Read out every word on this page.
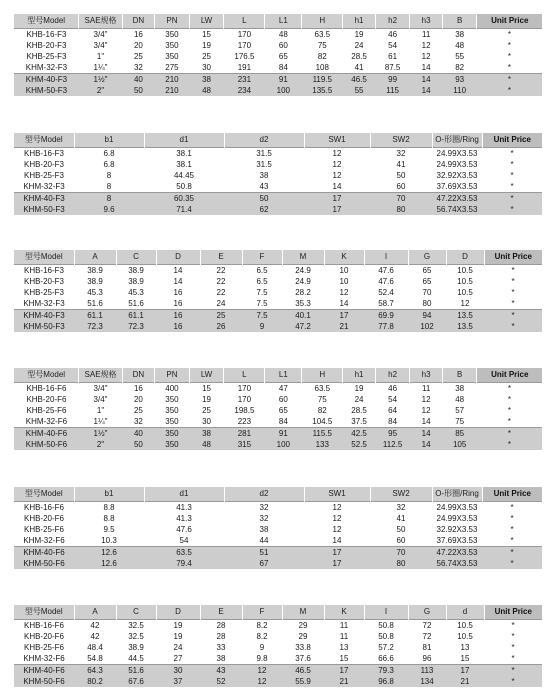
型号Model	SAE规格	DN	PN	LW	L	L1	H	h1	h2	h3	B	Unit Price
KHB-16-F3	3/4"	16	350	15	170	48	63.5	19	46	11	38	*
KHB-20-F3	3/4"	20	350	19	170	60	75	24	54	12	48	*
KHB-25-F3	1"	25	350	25	176.5	65	82	28.5	61	12	55	*
KHM-32-F3	1¼"	32	275	30	191	84	108	41	87.5	14	82	*
KHM-40-F3	1½"	40	210	38	231	91	119.5	46.5	99	14	93	*
KHM-50-F3	2"	50	210	48	234	100	135.5	55	115	14	110	*
型号Model	b1	d1	d2	SW1	SW2	O-形圈/Ring	Unit Price
KHB-16-F3	6.8	38.1	31.5	12	32	24.99X3.53	*
KHB-20-F3	6.8	38.1	31.5	12	41	24.99X3.53	*
KHB-25-F3	8	44.45	38	12	50	32.92X3.53	*
KHM-32-F3	8	50.8	43	14	60	37.69X3.53	*
KHM-40-F3	8	60.35	50	17	70	47.22X3.53	*
KHM-50-F3	9.6	71.4	62	17	80	56.74X3.53	*
型号Model	A	C	D	E	F	M	K	I	G	D	Unit Price
KHB-16-F3	38.9	38.9	14	22	6.5	24.9	10	47.6	65	10.5	*
KHB-20-F3	38.9	38.9	14	22	6.5	24.9	10	47.6	65	10.5	*
KHB-25-F3	45.3	45.3	16	22	7.5	28.2	12	52.4	70	10.5	*
KHM-32-F3	51.6	51.6	16	24	7.5	35.3	14	58.7	80	12	*
KHM-40-F3	61.1	61.1	16	25	7.5	40.1	17	69.9	94	13.5	*
KHM-50-F3	72.3	72.3	16	26	9	47.2	21	77.8	102	13.5	*
型号Model	SAE规格	DN	PN	LW	L	L1	H	h1	h2	h3	B	Unit Price
KHB-16-F6	3/4"	16	400	15	170	47	63.5	19	46	11	38	*
KHB-20-F6	3/4"	20	350	19	170	60	75	24	54	12	48	*
KHB-25-F6	1"	25	350	25	198.5	65	82	28.5	64	12	57	*
KHM-32-F6	1¼"	32	350	30	223	84	104.5	37.5	84	14	75	*
KHM-40-F6	1½"	40	350	38	281	91	115.5	42.5	95	14	85	*
KHM-50-F6	2"	50	350	48	315	100	133	52.5	112.5	14	105	*
型号Model	b1	d1	d2	SW1	SW2	O-形圈/Ring	Unit Price
KHB-16-F6	8.8	41.3	32	12	32	24.99X3.53	*
KHB-20-F6	8.8	41.3	32	12	41	24.99X3.53	*
KHB-25-F6	9.5	47.6	38	12	50	32.92X3.53	*
KHM-32-F6	10.3	54	44	14	60	37.69X3.53	*
KHM-40-F6	12.6	63.5	51	17	70	47.22X3.53	*
KHM-50-F6	12.6	79.4	67	17	80	56.74X3.53	*
型号Model	A	C	D	E	F	M	K	I	G	d	Unit Price
KHB-16-F6	42	32.5	19	28	8.2	29	11	50.8	72	10.5	*
KHB-20-F6	42	32.5	19	28	8.2	29	11	50.8	72	10.5	*
KHB-25-F6	48.4	38.9	24	33	9	33.8	13	57.2	81	13	*
KHM-32-F6	54.8	44.5	27	38	9.8	37.6	15	66.6	96	15	*
KHM-40-F6	64.3	51.6	30	43	12	46.5	17	79.3	113	17	*
KHM-50-F6	80.2	67.6	37	52	12	55.9	21	96.8	134	21	*
